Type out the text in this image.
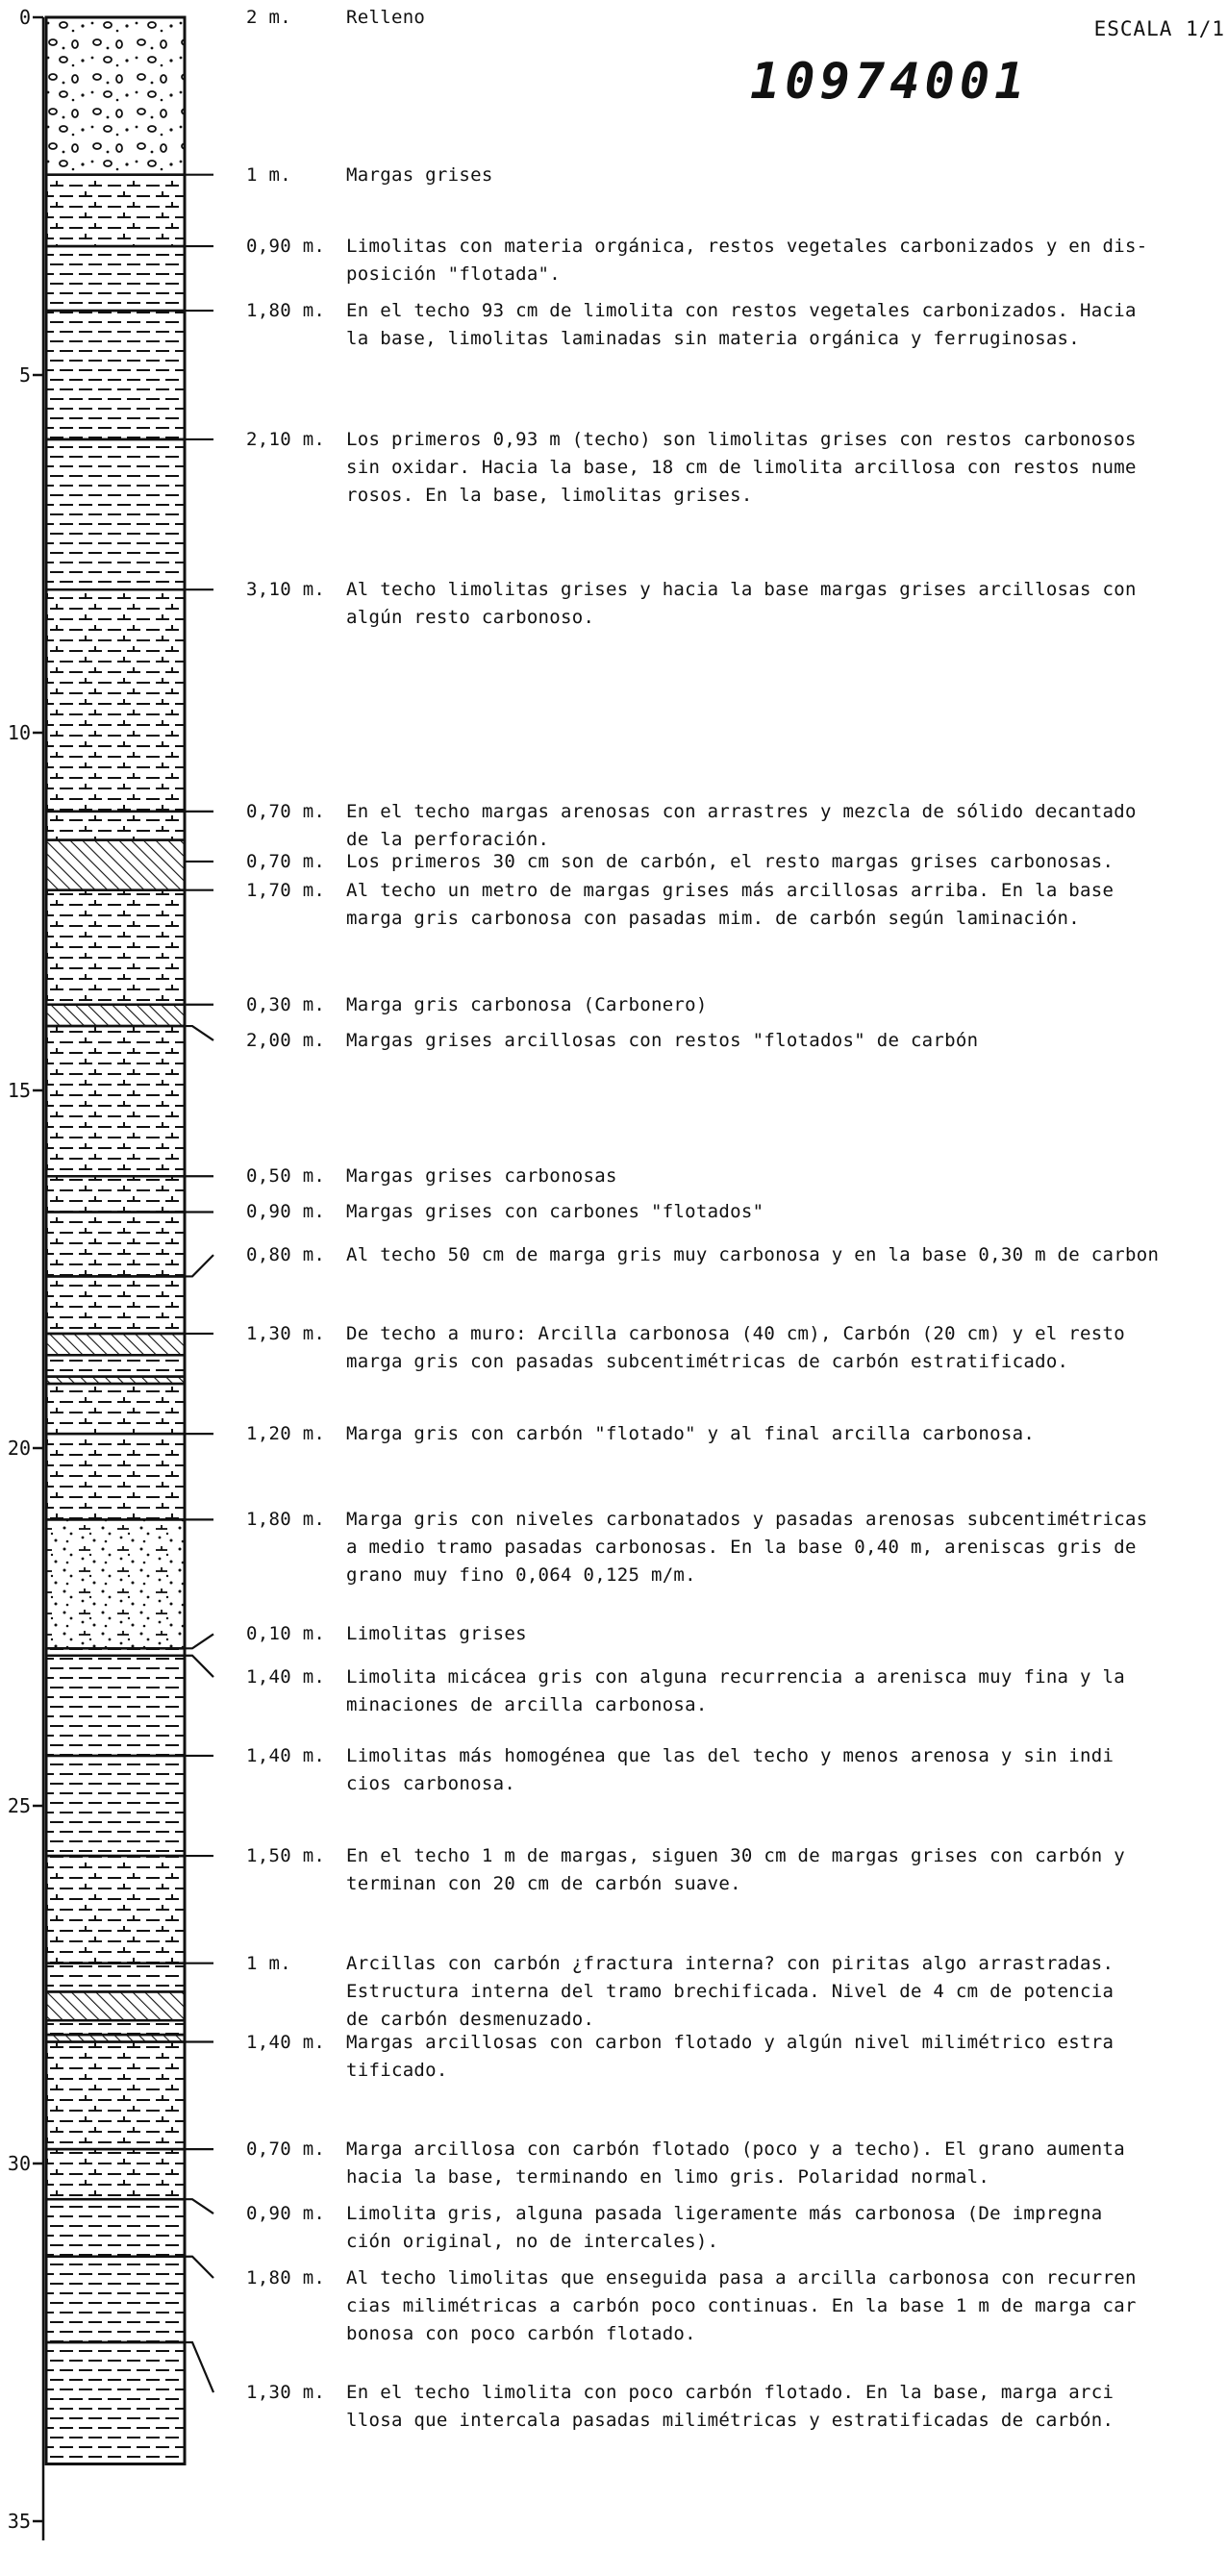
0
5
10
15
20
25
30
35
ESCALA 1/1
10974001
2 m.	Relleno
1 m.	Margas grises
0,90 m. Limolitas con materia orgánica, restos vegetales carbonizados y en dis-
posición "flotada".
1,80 m. En el techo 93 cm de limolita con restos vegetales carbonizados. Hacia
la base, limolitas laminadas sin materia orgánica y ferruginosas.
2,10 m. Los primeros 0,93 m (techo) son limolitas grises con restos carbonosos
sin oxidar. Hacia la base, 18 cm de limolita arcillosa con restos nume
rosos. En la base, limolitas grises.
3,10 m. Al techo limolitas grises y hacia la base margas grises arcillosas con
algún resto carbonoso.
0,70 m. En el techo margas arenosas con arrastres y mezcla de sólido decantado
de la perforación.
0,70 m. Los primeros 30 cm son de carbón, el resto margas grises carbonosas.
1,70 m. Al techo un metro de margas grises más arcillosas arriba. En la base
marga gris carbonosa con pasadas mim. de carbón según laminación.
0,30 m. Marga gris carbonosa (Carbonero)
2,00 m. Margas grises arcillosas con restos "flotados" de carbón
0,50 m. Margas grises carbonosas
0,90 m. Margas grises con carbones "flotados"
0,80 m. Al techo 50 cm de marga gris muy carbonosa y en la base 0,30 m de carbon
1,30 m. De techo a muro: Arcilla carbonosa (40 cm), Carbón (20 cm) y el resto
marga gris con pasadas subcentimétricas de carbón estratificado.
1,20 m. Marga gris con carbón "flotado" y al final arcilla carbonosa.
1,80 m. Marga gris con niveles carbonatados y pasadas arenosas subcentimétricas
a medio tramo pasadas carbonosas. En la base 0,40 m, areniscas gris de
grano muy fino 0,064 0,125 m/m.
0,10 m. Limolitas grises
1,40 m. Limolita micácea gris con alguna recurrencia a arenisca muy fina y la
minaciones de arcilla carbonosa.
1,40 m. Limolitas más homogénea que las del techo y menos arenosa y sin indi
cios carbonosa.
1,50 m. En el techo 1 m de margas, siguen 30 cm de margas grises con carbón y
terminan con 20 cm de carbón suave.
1 m.	Arcillas con carbón ¿fractura interna? con piritas algo arrastradas.
Estructura interna del tramo brechificada. Nivel de 4 cm de potencia
de carbón desmenuzado.
1,40 m. Margas arcillosas con carbon flotado y algún nivel milimétrico estra
tificado.
0,70 m. Marga arcillosa con carbón flotado (poco y a techo). El grano aumenta
hacia la base, terminando en limo gris. Polaridad normal.
0,90 m. Limolita gris, alguna pasada ligeramente más carbonosa (De impregna
ción original, no de intercales).
1,80 m. Al techo limolitas que enseguida pasa a arcilla carbonosa con recurren
cias milimétricas a carbón poco continuas. En la base 1 m de marga car
bonosa con poco carbón flotado.
1,30 m. En el techo limolita con poco carbón flotado. En la base, marga arci
llosa que intercala pasadas milimétricas y estratificadas de carbón.
